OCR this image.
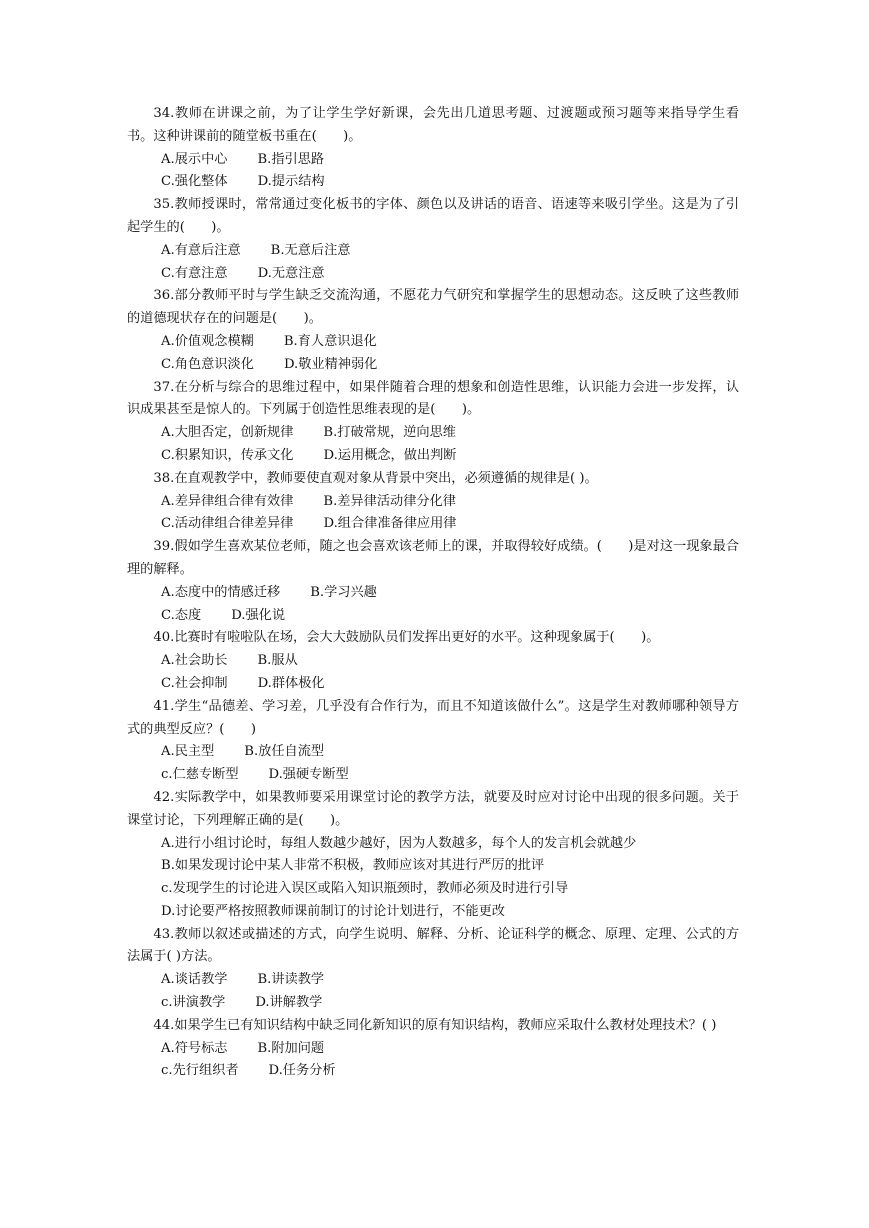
34.教师在讲课之前，为了让学生学好新课，会先出几道思考题、过渡题或预习题等来指导学生看书。这种讲课前的随堂板书重在(　　)。

A.展示中心 B.指引思路
C.强化整体 D.提示结构

35.教师授课时，常常通过变化板书的字体、颜色以及讲话的语音、语速等来吸引学坐。这是为了引起学生的(　　)。

A.有意后注意 B.无意后注意
C.有意注意 D.无意注意

36.部分教师平时与学生缺乏交流沟通，不愿花力气研究和掌握学生的思想动态。这反映了这些教师的道德现状存在的问题是(　　)。

A.价值观念模糊 B.育人意识退化
C.角色意识淡化 D.敬业精神弱化

37.在分析与综合的思维过程中，如果伴随着合理的想象和创造性思维，认识能力会进一步发挥，认识成果甚至是惊人的。下列属于创造性思维表现的是(　　)。

A.大胆否定，创新规律 B.打破常规，逆向思维
C.积累知识，传承文化 D.运用概念，做出判断

38.在直观教学中，教师要使直观对象从背景中突出，必须遵循的规律是( )。

A.差异律组合律有效律 B.差异律活动律分化律
C.活动律组合律差异律 D.组合律准备律应用律

39.假如学生喜欢某位老师，随之也会喜欢该老师上的课，并取得较好成绩。(　　)是对这一现象最合理的解释。

A.态度中的情感迁移 B.学习兴趣
C.态度 D.强化说

40.比赛时有啦啦队在场，会大大鼓励队员们发挥出更好的水平。这种现象属于(　　)。

A.社会助长 B.服从
C.社会抑制 D.群体极化

41.学生“品德差、学习差，几乎没有合作行为，而且不知道该做什么”。这是学生对教师哪种领导方式的典型反应？(　　)

A.民主型 B.放任自流型
c.仁慈专断型 D.强硬专断型

42.实际教学中，如果教师要采用课堂讨论的教学方法，就要及时应对讨论中出现的很多问题。关于课堂讨论，下列理解正确的是(　　)。

A.进行小组讨论时，每组人数越少越好，因为人数越多，每个人的发言机会就越少
B.如果发现讨论中某人非常不积极，教师应该对其进行严厉的批评
c.发现学生的讨论进入误区或陷入知识瓶颈时，教师必须及时进行引导
D.讨论要严格按照教师课前制订的讨论计划进行，不能更改

43.教师以叙述或描述的方式，向学生说明、解释、分析、论证科学的概念、原理、定理、公式的方法属于( )方法。

A.谈话教学 B.讲读教学
c.讲演教学 D.讲解教学

44.如果学生已有知识结构中缺乏同化新知识的原有知识结构，教师应采取什么教材处理技术？( )

A.符号标志 B.附加问题
c.先行组织者 D.任务分析
